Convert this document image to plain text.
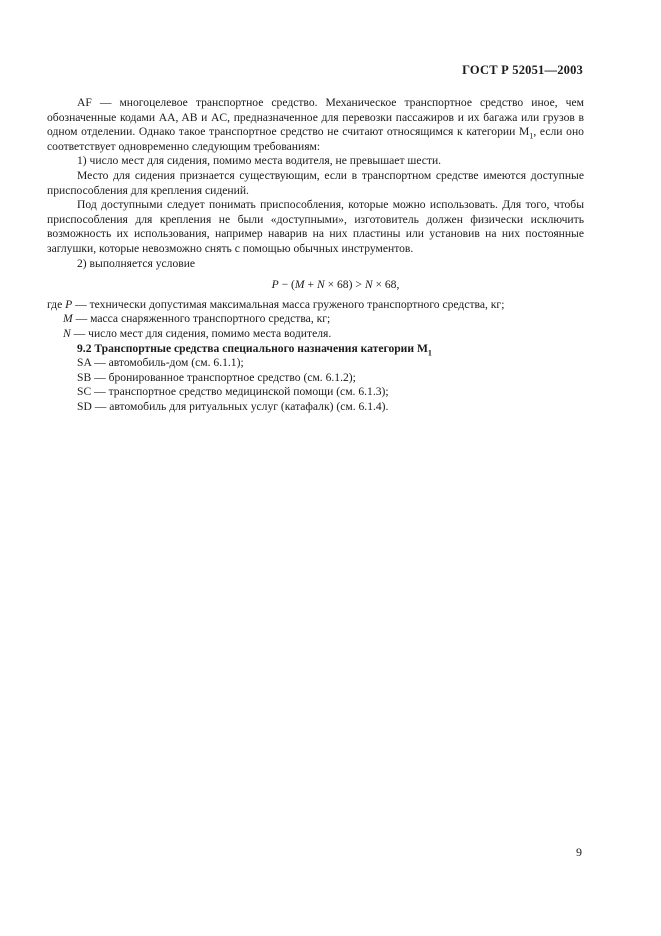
ГОСТ Р 52051—2003

AF — многоцелевое транспортное средство. Механическое транспортное средство иное, чем обозначенные кодами AA, AB и AC, предназначенное для перевозки пассажиров и их багажа или грузов в одном отделении. Однако такое транспортное средство не считают относящимся к категории $M_1$, если оно соответствует одновременно следующим требованиям:

1) число мест для сидения, помимо места водителя, не превышает шести.

Место для сидения признается существующим, если в транспортном средстве имеются доступные приспособления для крепления сидений.

Под доступными следует понимать приспособления, которые можно использовать. Для того, чтобы приспособления для крепления не были «доступными», изготовитель должен физически исключить возможность их использования, например наварив на них пластины или установив на них постоянные заглушки, которые невозможно снять с помощью обычных инструментов.

2) выполняется условие

P − (M + N × 68) > N × 68,

где P — технически допустимая максимальная масса груженого транспортного средства, кг;

M — масса снаряженного транспортного средства, кг;

N — число мест для сидения, помимо места водителя.

9.2 Транспортные средства специального назначения категории $M_1$

SA — автомобиль-дом (см. 6.1.1);

SB — бронированное транспортное средство (см. 6.1.2);

SC — транспортное средство медицинской помощи (см. 6.1.3);

SD — автомобиль для ритуальных услуг (катафалк) (см. 6.1.4).

9
